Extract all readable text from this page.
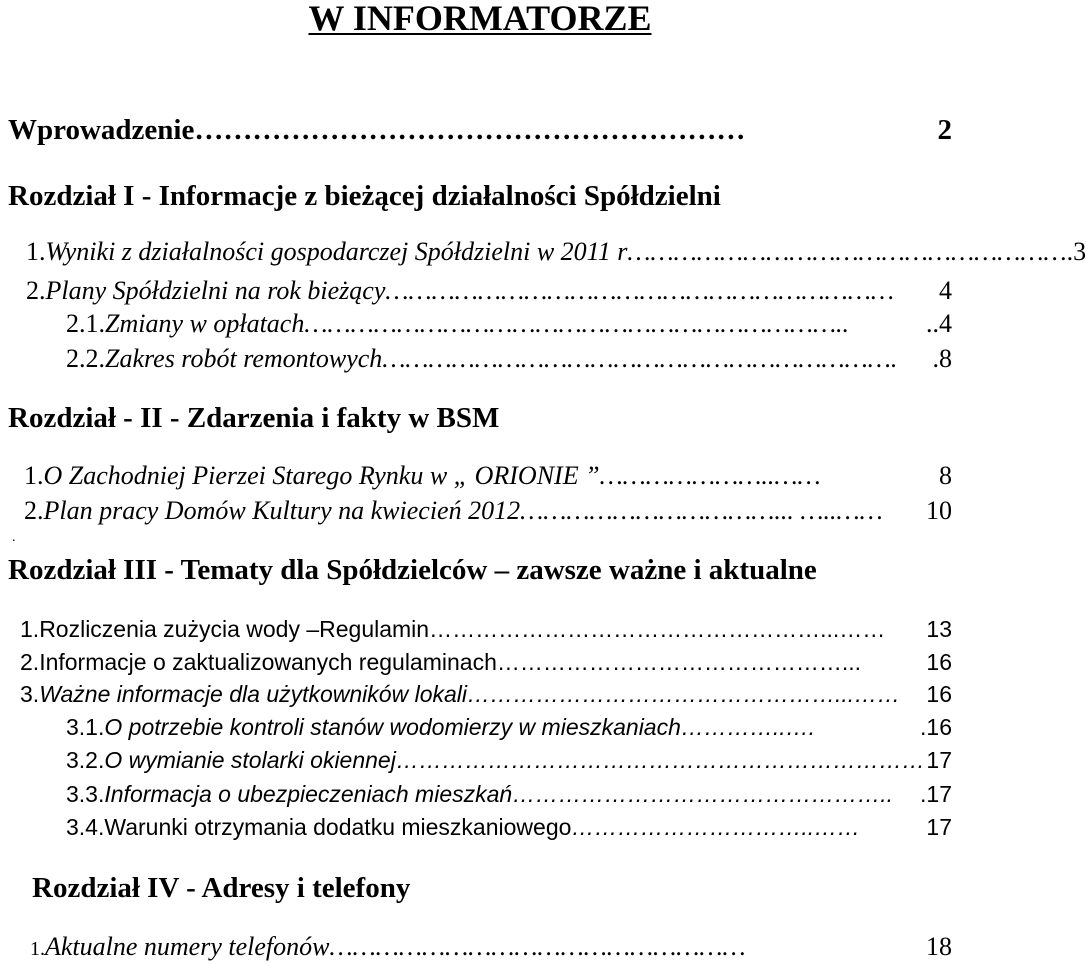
W INFORMATORZE
Wprowadzenie …………………………………………………	2
Rozdział I - Informacje z bieżącej działalności Spółdzielni
1. Wyniki z działalności gospodarczej Spółdzielni w 2011 r ………………………………………………… .3
2. Plany Spółdzielni na rok bieżący …………………………………………………………	4
2.1. Zmiany w opłatach ……………………………………………………………..	..4
2.2. Zakres robót remontowych ………………………………………………………….	.8
Rozdział - II - Zdarzenia i fakty w BSM
1. O Zachodniej Pierzei Starego Rynku w „ ORIONIE ” …………………..……	8
2. Plan pracy Domów Kultury na kwiecień 2012 ……………………………... …..……	10
.
Rozdział III - Tematy dla Spółdzielców – zawsze ważne i aktualne
1. Rozliczenia zużycia wody –Regulamin ……………………………………………...……	13
2. Informacje o zaktualizowanych regulaminach ………………………………………...	16
3. Ważne informacje dla użytkowników lokali …………………………………………...……	16
3.1. O potrzebie kontroli stanów wodomierzy w mieszkaniach …………..….	.16
3.2. O wymianie stolarki okiennej …………………………………………………………… 17
3.3. Informacja o ubezpieczeniach mieszkań …………………………………………..	.17
3.4. Warunki otrzymania dodatku mieszkaniowego …………………………..……	17
Rozdział IV - Adresy i telefony
1. Aktualne numery telefonów ………………………………………………	18
